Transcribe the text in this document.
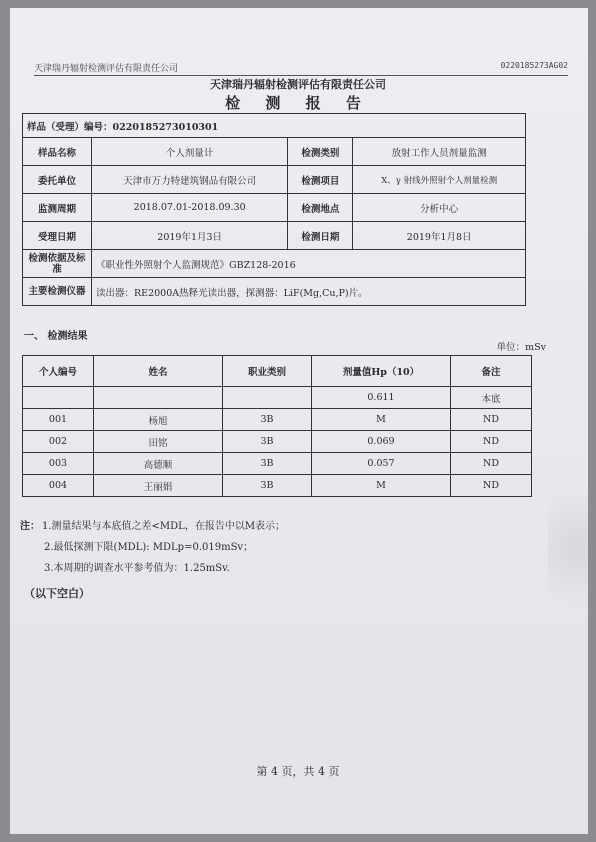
天津瑞丹辐射检测评估有限责任公司	0220185273AG02
天津瑞丹辐射检测评估有限责任公司
检 测 报 告
样品（受理）编号：0220185273010301			
样品名称	个人剂量计	检测类别	放射工作人员剂量监测
委托单位	天津市万力特建筑钢品有限公司	检测项目	X、γ 射线外照射个人剂量检测
监测周期	2018.07.01-2018.09.30	检测地点	分析中心
受理日期	2019年1月3日	检测日期	2019年1月8日
检测依据及标准	《职业性外照射个人监测规范》GBZ128-2016		
主要检测仪器	读出器：RE2000A热释光读出器，探测器：LiF(Mg,Cu,P)片。		
一、 检测结果
单位：mSv
个人编号	姓名	职业类别	剂量值Hp（10）	备注
			0.611	本底
001	杨旭	3B	M	ND
002	田铭	3B	0.069	ND
003	高德顺	3B	0.057	ND
004	王丽娟	3B	M	ND
注： 1.测量结果与本底值之差<MDL，在报告中以M表示；
2.最低探测下限(MDL): MDLp=0.019mSv；
3.本周期的调查水平参考值为：1.25mSv.
（以下空白）
第 4 页，共 4 页
